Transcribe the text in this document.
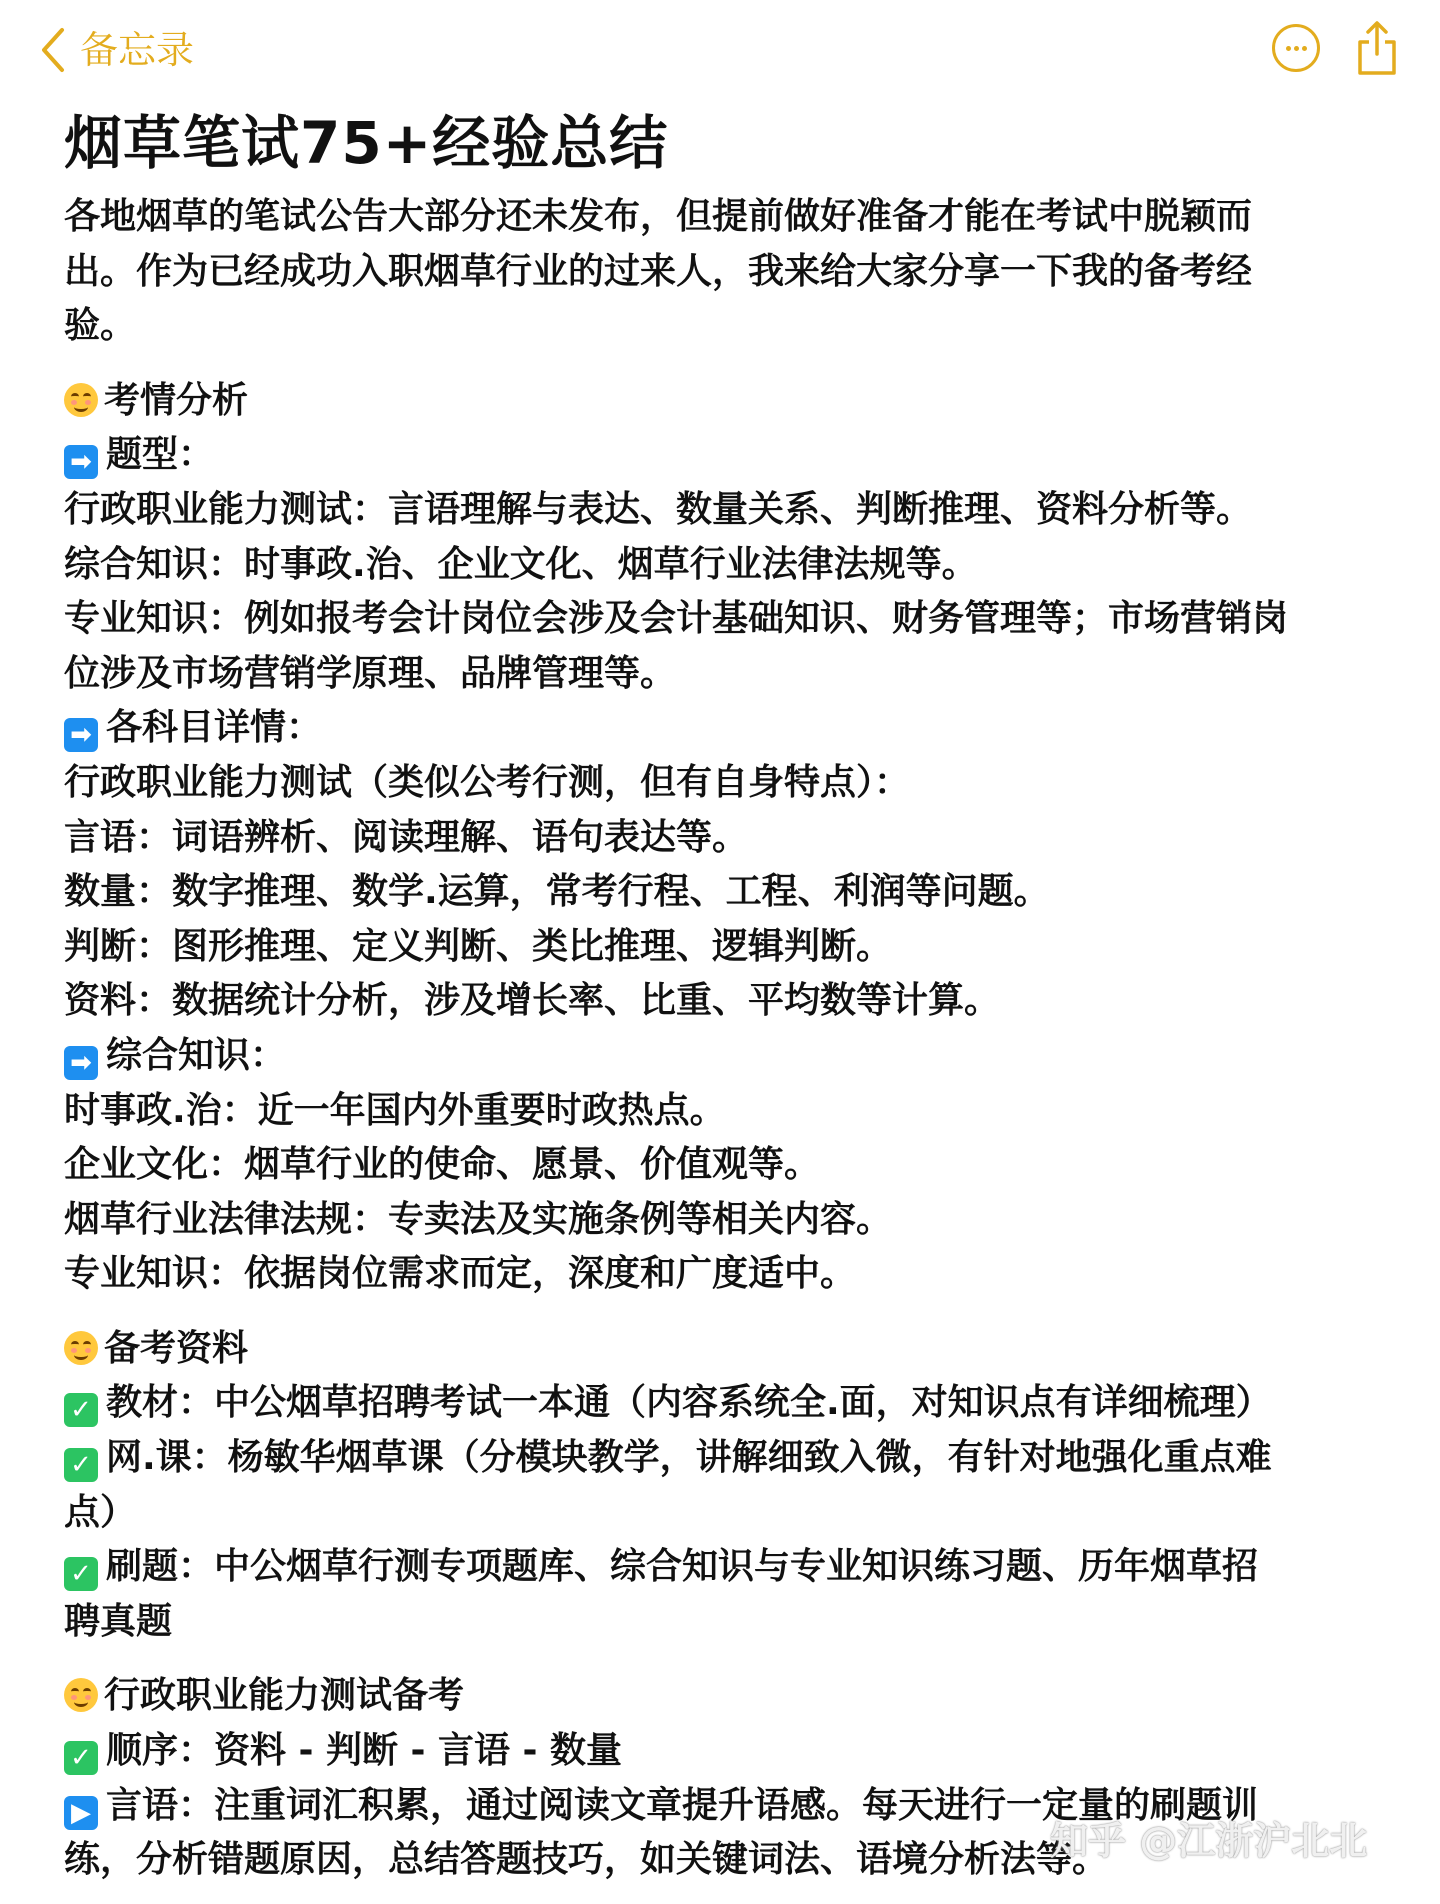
备忘录
烟草笔试75+经验总结

各地烟草的笔试公告大部分还未发布，但提前做好准备才能在考试中脱颖而

出。作为已经成功入职烟草行业的过来人，我来给大家分享一下我的备考经

验。

考情分析

➡ 题型：

行政职业能力测试：言语理解与表达、数量关系、判断推理、资料分析等。

综合知识：时事政.治、企业文化、烟草行业法律法规等。

专业知识：例如报考会计岗位会涉及会计基础知识、财务管理等；市场营销岗

位涉及市场营销学原理、品牌管理等。

➡ 各科目详情：

行政职业能力测试（类似公考行测，但有自身特点）：

言语：词语辨析、阅读理解、语句表达等。

数量：数字推理、数学.运算，常考行程、工程、利润等问题。

判断：图形推理、定义判断、类比推理、逻辑判断。

资料：数据统计分析，涉及增长率、比重、平均数等计算。

➡ 综合知识：

时事政.治：近一年国内外重要时政热点。

企业文化：烟草行业的使命、愿景、价值观等。

烟草行业法律法规：专卖法及实施条例等相关内容。

专业知识：依据岗位需求而定，深度和广度适中。

备考资料

✓ 教材：中公烟草招聘考试一本通（内容系统全.面，对知识点有详细梳理）

✓ 网.课：杨敏华烟草课（分模块教学，讲解细致入微，有针对地强化重点难

点）

✓ 刷题：中公烟草行测专项题库、综合知识与专业知识练习题、历年烟草招

聘真题

行政职业能力测试备考

✓ 顺序：资料 - 判断 - 言语 - 数量

▶ 言语：注重词汇积累，通过阅读文章提升语感。每天进行一定量的刷题训

练，分析错题原因，总结答题技巧，如关键词法、语境分析法等。

知乎 @江浙沪北北
